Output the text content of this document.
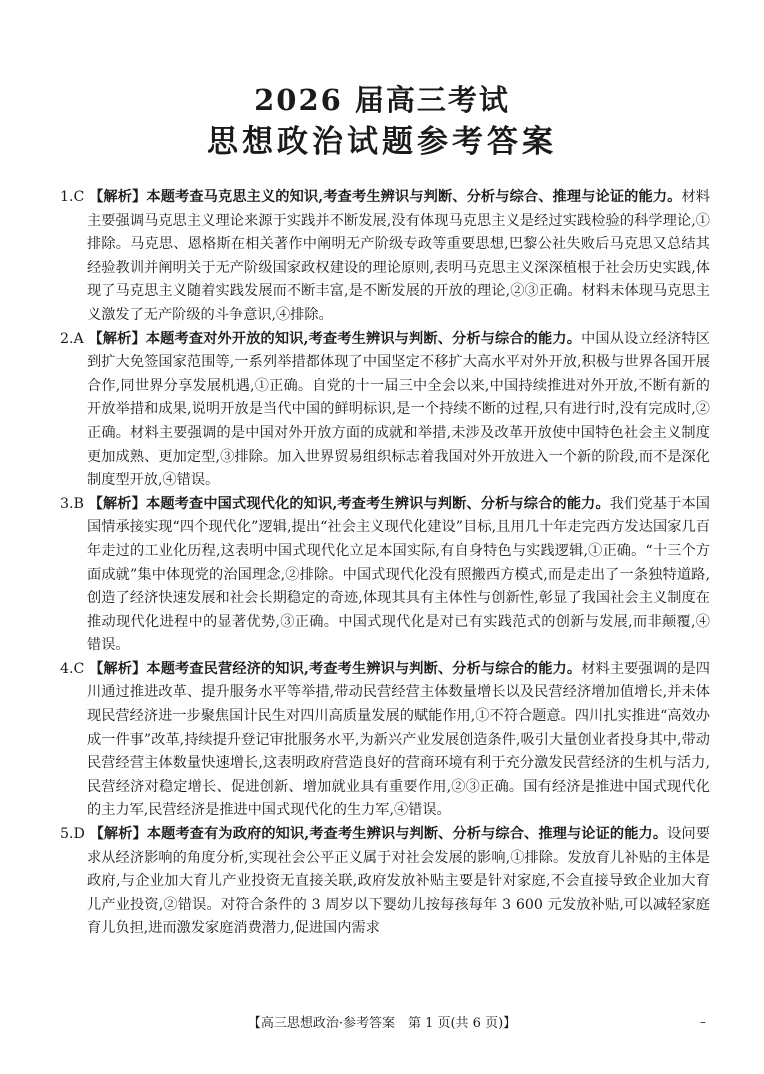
2026 届高三考试
思想政治试题参考答案
1.C 【解析】本题考查马克思主义的知识,考查考生辨识与判断、分析与综合、推理与论证的能力。材料主要强调马克思主义理论来源于实践并不断发展,没有体现马克思主义是经过实践检验的科学理论,①排除。马克思、恩格斯在相关著作中阐明无产阶级专政等重要思想,巴黎公社失败后马克思又总结其经验教训并阐明关于无产阶级国家政权建设的理论原则,表明马克思主义深深植根于社会历史实践,体现了马克思主义随着实践发展而不断丰富,是不断发展的开放的理论,②③正确。材料未体现马克思主义激发了无产阶级的斗争意识,④排除。
2.A 【解析】本题考查对外开放的知识,考查考生辨识与判断、分析与综合的能力。中国从设立经济特区到扩大免签国家范围等,一系列举措都体现了中国坚定不移扩大高水平对外开放,积极与世界各国开展合作,同世界分享发展机遇,①正确。自党的十一届三中全会以来,中国持续推进对外开放,不断有新的开放举措和成果,说明开放是当代中国的鲜明标识,是一个持续不断的过程,只有进行时,没有完成时,②正确。材料主要强调的是中国对外开放方面的成就和举措,未涉及改革开放使中国特色社会主义制度更加成熟、更加定型,③排除。加入世界贸易组织标志着我国对外开放进入一个新的阶段,而不是深化制度型开放,④错误。
3.B 【解析】本题考查中国式现代化的知识,考查考生辨识与判断、分析与综合的能力。我们党基于本国国情承接实现“四个现代化”逻辑,提出“社会主义现代化建设”目标,且用几十年走完西方发达国家几百年走过的工业化历程,这表明中国式现代化立足本国实际,有自身特色与实践逻辑,①正确。“十三个方面成就”集中体现党的治国理念,②排除。中国式现代化没有照搬西方模式,而是走出了一条独特道路,创造了经济快速发展和社会长期稳定的奇迹,体现其具有主体性与创新性,彰显了我国社会主义制度在推动现代化进程中的显著优势,③正确。中国式现代化是对已有实践范式的创新与发展,而非颠覆,④错误。
4.C 【解析】本题考查民营经济的知识,考查考生辨识与判断、分析与综合的能力。材料主要强调的是四川通过推进改革、提升服务水平等举措,带动民营经营主体数量增长以及民营经济增加值增长,并未体现民营经济进一步聚焦国计民生对四川高质量发展的赋能作用,①不符合题意。四川扎实推进“高效办成一件事”改革,持续提升登记审批服务水平,为新兴产业发展创造条件,吸引大量创业者投身其中,带动民营经营主体数量快速增长,这表明政府营造良好的营商环境有利于充分激发民营经济的生机与活力,民营经济对稳定增长、促进创新、增加就业具有重要作用,②③正确。国有经济是推进中国式现代化的主力军,民营经济是推进中国式现代化的生力军,④错误。
5.D 【解析】本题考查有为政府的知识,考查考生辨识与判断、分析与综合、推理与论证的能力。设问要求从经济影响的角度分析,实现社会公平正义属于对社会发展的影响,①排除。发放育儿补贴的主体是政府,与企业加大育儿产业投资无直接关联,政府发放补贴主要是针对家庭,不会直接导致企业加大育儿产业投资,②错误。对符合条件的 3 周岁以下婴幼儿按每孩每年 3 600 元发放补贴,可以减轻家庭育儿负担,进而激发家庭消费潜力,促进国内需求
【高三思想政治·参考答案　第 1 页(共 6 页)】	–
